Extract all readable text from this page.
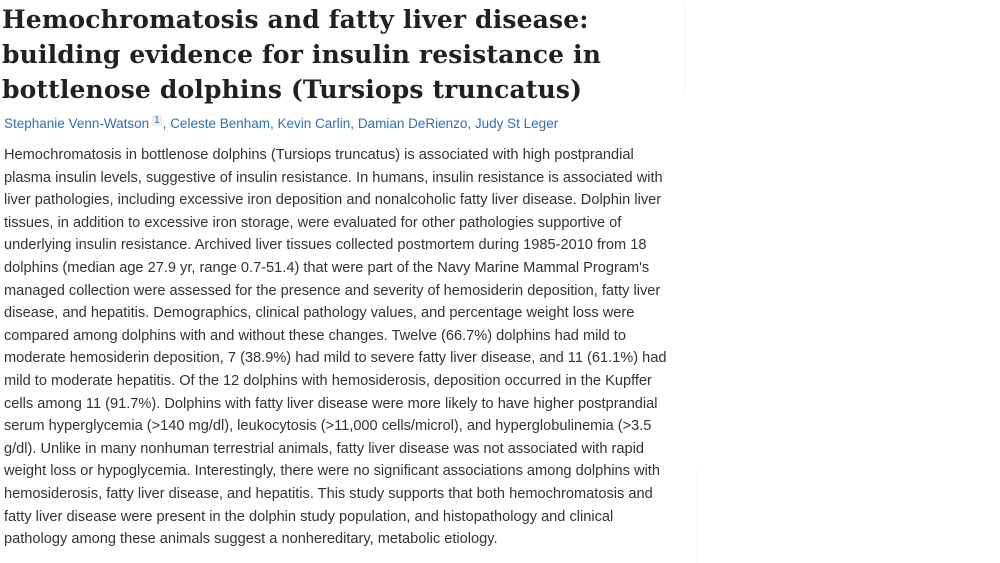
Hemochromatosis and fatty liver disease: building evidence for insulin resistance in bottlenose dolphins (Tursiops truncatus)
Stephanie Venn-Watson $^1$ , Celeste Benham, Kevin Carlin, Damian DeRienzo, Judy St Leger

Hemochromatosis in bottlenose dolphins (Tursiops truncatus) is associated with high postprandial plasma insulin levels, suggestive of insulin resistance. In humans, insulin resistance is associated with liver pathologies, including excessive iron deposition and nonalcoholic fatty liver disease. Dolphin liver tissues, in addition to excessive iron storage, were evaluated for other pathologies supportive of underlying insulin resistance. Archived liver tissues collected postmortem during 1985-2010 from 18 dolphins (median age 27.9 yr, range 0.7-51.4) that were part of the Navy Marine Mammal Program's managed collection were assessed for the presence and severity of hemosiderin deposition, fatty liver disease, and hepatitis. Demographics, clinical pathology values, and percentage weight loss were compared among dolphins with and without these changes. Twelve (66.7%) dolphins had mild to moderate hemosiderin deposition, 7 (38.9%) had mild to severe fatty liver disease, and 11 (61.1%) had mild to moderate hepatitis. Of the 12 dolphins with hemosiderosis, deposition occurred in the Kupffer cells among 11 (91.7%). Dolphins with fatty liver disease were more likely to have higher postprandial serum hyperglycemia (>140 mg/dl), leukocytosis (>11,000 cells/microl), and hyperglobulinemia (>3.5 g/dl). Unlike in many nonhuman terrestrial animals, fatty liver disease was not associated with rapid weight loss or hypoglycemia. Interestingly, there were no significant associations among dolphins with hemosiderosis, fatty liver disease, and hepatitis. This study supports that both hemochromatosis and fatty liver disease were present in the dolphin study population, and histopathology and clinical pathology among these animals suggest a nonhereditary, metabolic etiology.
